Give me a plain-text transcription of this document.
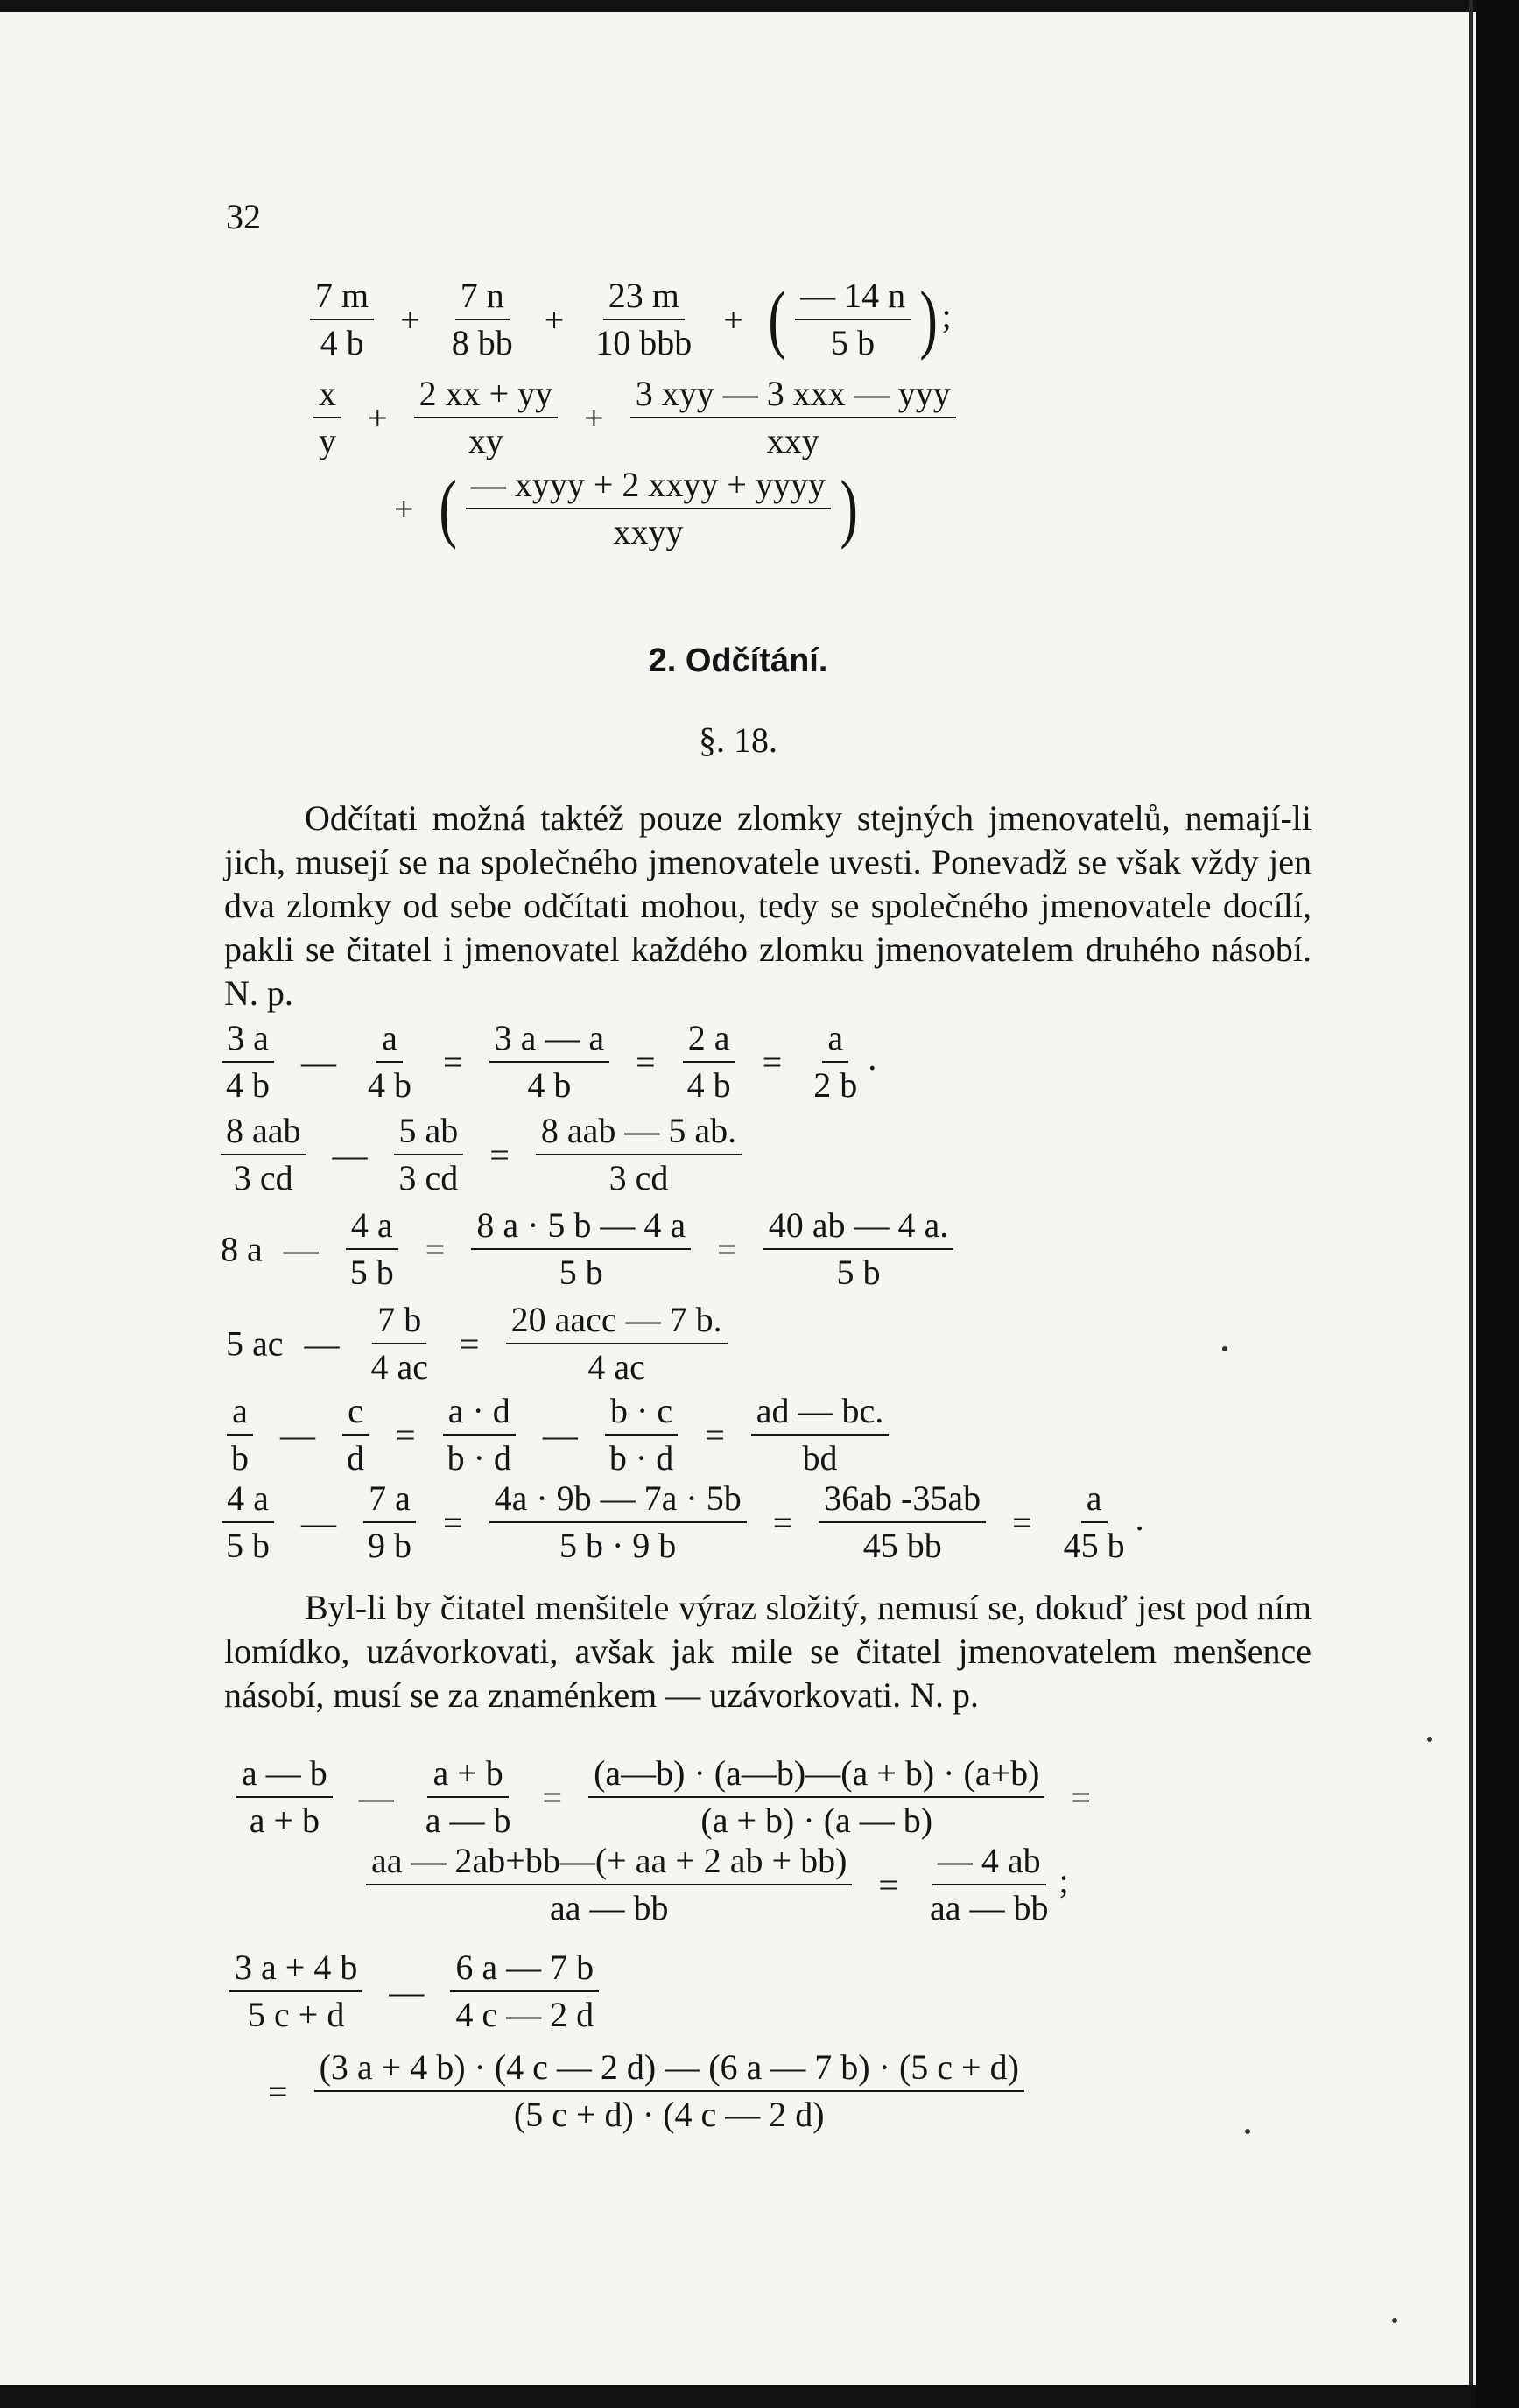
32
$\frac{7 m}{4 b} + \frac{7 n}{8 bb}$ +
23 m
10 bbb
+ ( $\frac{— 14 n}{5 b}$ ) ;
$\frac{x}{y} + \frac{2 xx + yy}{xy}$ +
3 xyy — 3 xxx — yyy
xxy
+ ( — xyyy + 2 xxyy + yyyy
xxyy )
2. Odčítání.
§. 18.

Odčítati možná taktéž pouze zlomky stejných jmenovatelů, nemají-li jich, musejí se na společného jmenovatele uvesti. Ponevadž se však vždy jen dva zlomky od sebe odčítati mohou, tedy se společného jmenovatele docílí, pakli se čitatel i jmenovatel každého zlomku jmenovatelem druhého násobí. N. p.

$\frac{3 a}{4 b}$ — $\frac{a}{4 b} = \frac{3 a — a}{4 b} = \frac{2 a}{4 b} = \frac{a}{2 b}$ .
8 aab
3 cd
— $\frac{5 ab}{3 cd}$ =
8 aab — 5 ab.
3 cd
8 a — $\frac{4 a}{5 b} = \frac{8 a \cdot 5 b — 4 a}{5 b} = \frac{40 ab — 4 a.}{5 b}$
5 ac — $\frac{7 b}{4 ac}$ =
20 aacc — 7 b.
4 ac
$\frac{a}{b}$ — $\frac{c}{d} = \frac{a \cdot d}{b \cdot d}$ — $\frac{b \cdot c}{b \cdot d} = \frac{ad — bc.}{bd}$
$\frac{4 a}{5 b}$ — $\frac{7 a}{9 b} = \frac{4a \cdot 9b — 7a \cdot 5b}{5 b \cdot 9 b} = \frac{36ab -35ab}{45 bb} = \frac{a}{45 b}$ .

Byl-li by čitatel menšitele výraz složitý, nemusí se, dokuď jest pod ním lomídko, uzávorkovati, avšak jak mile se čitatel jmenovatelem menšence násobí, musí se za znaménkem — uzávorkovati. N. p.

$\frac{a — b}{a + b}$ — $\frac{a + b}{a — b} = \frac{(a—b) \cdot (a—b)—(a + b) \cdot (a+b)}{(a + b) \cdot (a — b)}$ =
$\frac{aa — 2ab+bb—(+ aa + 2 ab + bb)}{aa — bb} = \frac{— 4 ab}{aa — bb}$ ;
$\frac{3 a + 4 b}{5 c + d}$ — $\frac{6 a — 7 b}{4 c — 2 d}$
= $\frac{(3 a + 4 b) \cdot (4 c — 2 d) — (6 a — 7 b) \cdot (5 c + d)}{(5 c + d) \cdot (4 c — 2 d)}$
